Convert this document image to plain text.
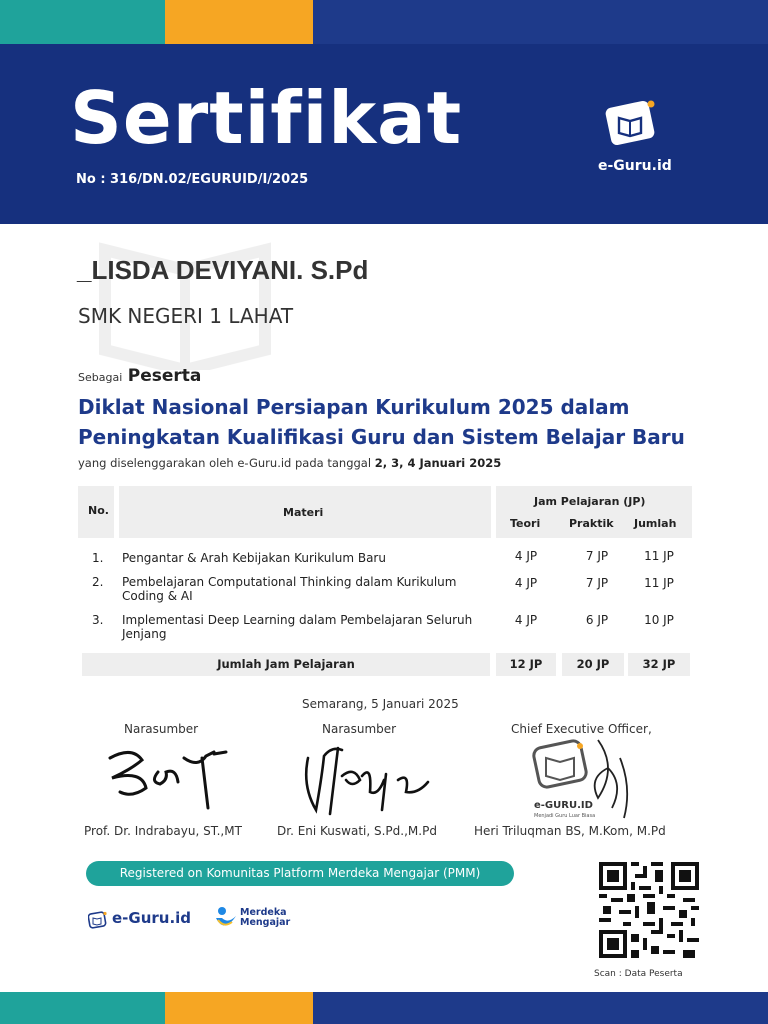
Sertifikat
No : 316/DN.02/EGURUID/I/2025
e-Guru.id
_LISDA DEVIYANI. S.Pd
SMK NEGERI 1 LAHAT
Sebagai Peserta
Diklat Nasional Persiapan Kurikulum 2025 dalam
Peningkatan Kualifikasi Guru dan Sistem Belajar Baru
yang diselenggarakan oleh e-Guru.id pada tanggal 2, 3, 4 Januari 2025
No.	Materi
Jam Pelajaran (JP)
Teori	Praktik Jumlah
1. Pengantar & Arah Kebijakan Kurikulum Baru	4 JP	7 JP	11 JP
2. Pembelajaran Computational Thinking dalam Kurikulum Coding & AI
4 JP	7 JP	11 JP
3. Implementasi Deep Learning dalam Pembelajaran Seluruh Jenjang
4 JP	6 JP	10 JP
Jumlah Jam Pelajaran	12 JP	20 JP	32 JP
Semarang, 5 Januari 2025
Narasumber	Narasumber	Chief Executive Officer,
e-GURU.ID
Menjadi Guru Luar Biasa
Prof. Dr. Indrabayu, ST.,MT	Dr. Eni Kuswati, S.Pd.,M.Pd	Heri Triluqman BS, M.Kom, M.Pd
Registered on Komunitas Platform Merdeka Mengajar (PMM)
e-Guru.id	Merdeka
Mengajar
Scan : Data Peserta
